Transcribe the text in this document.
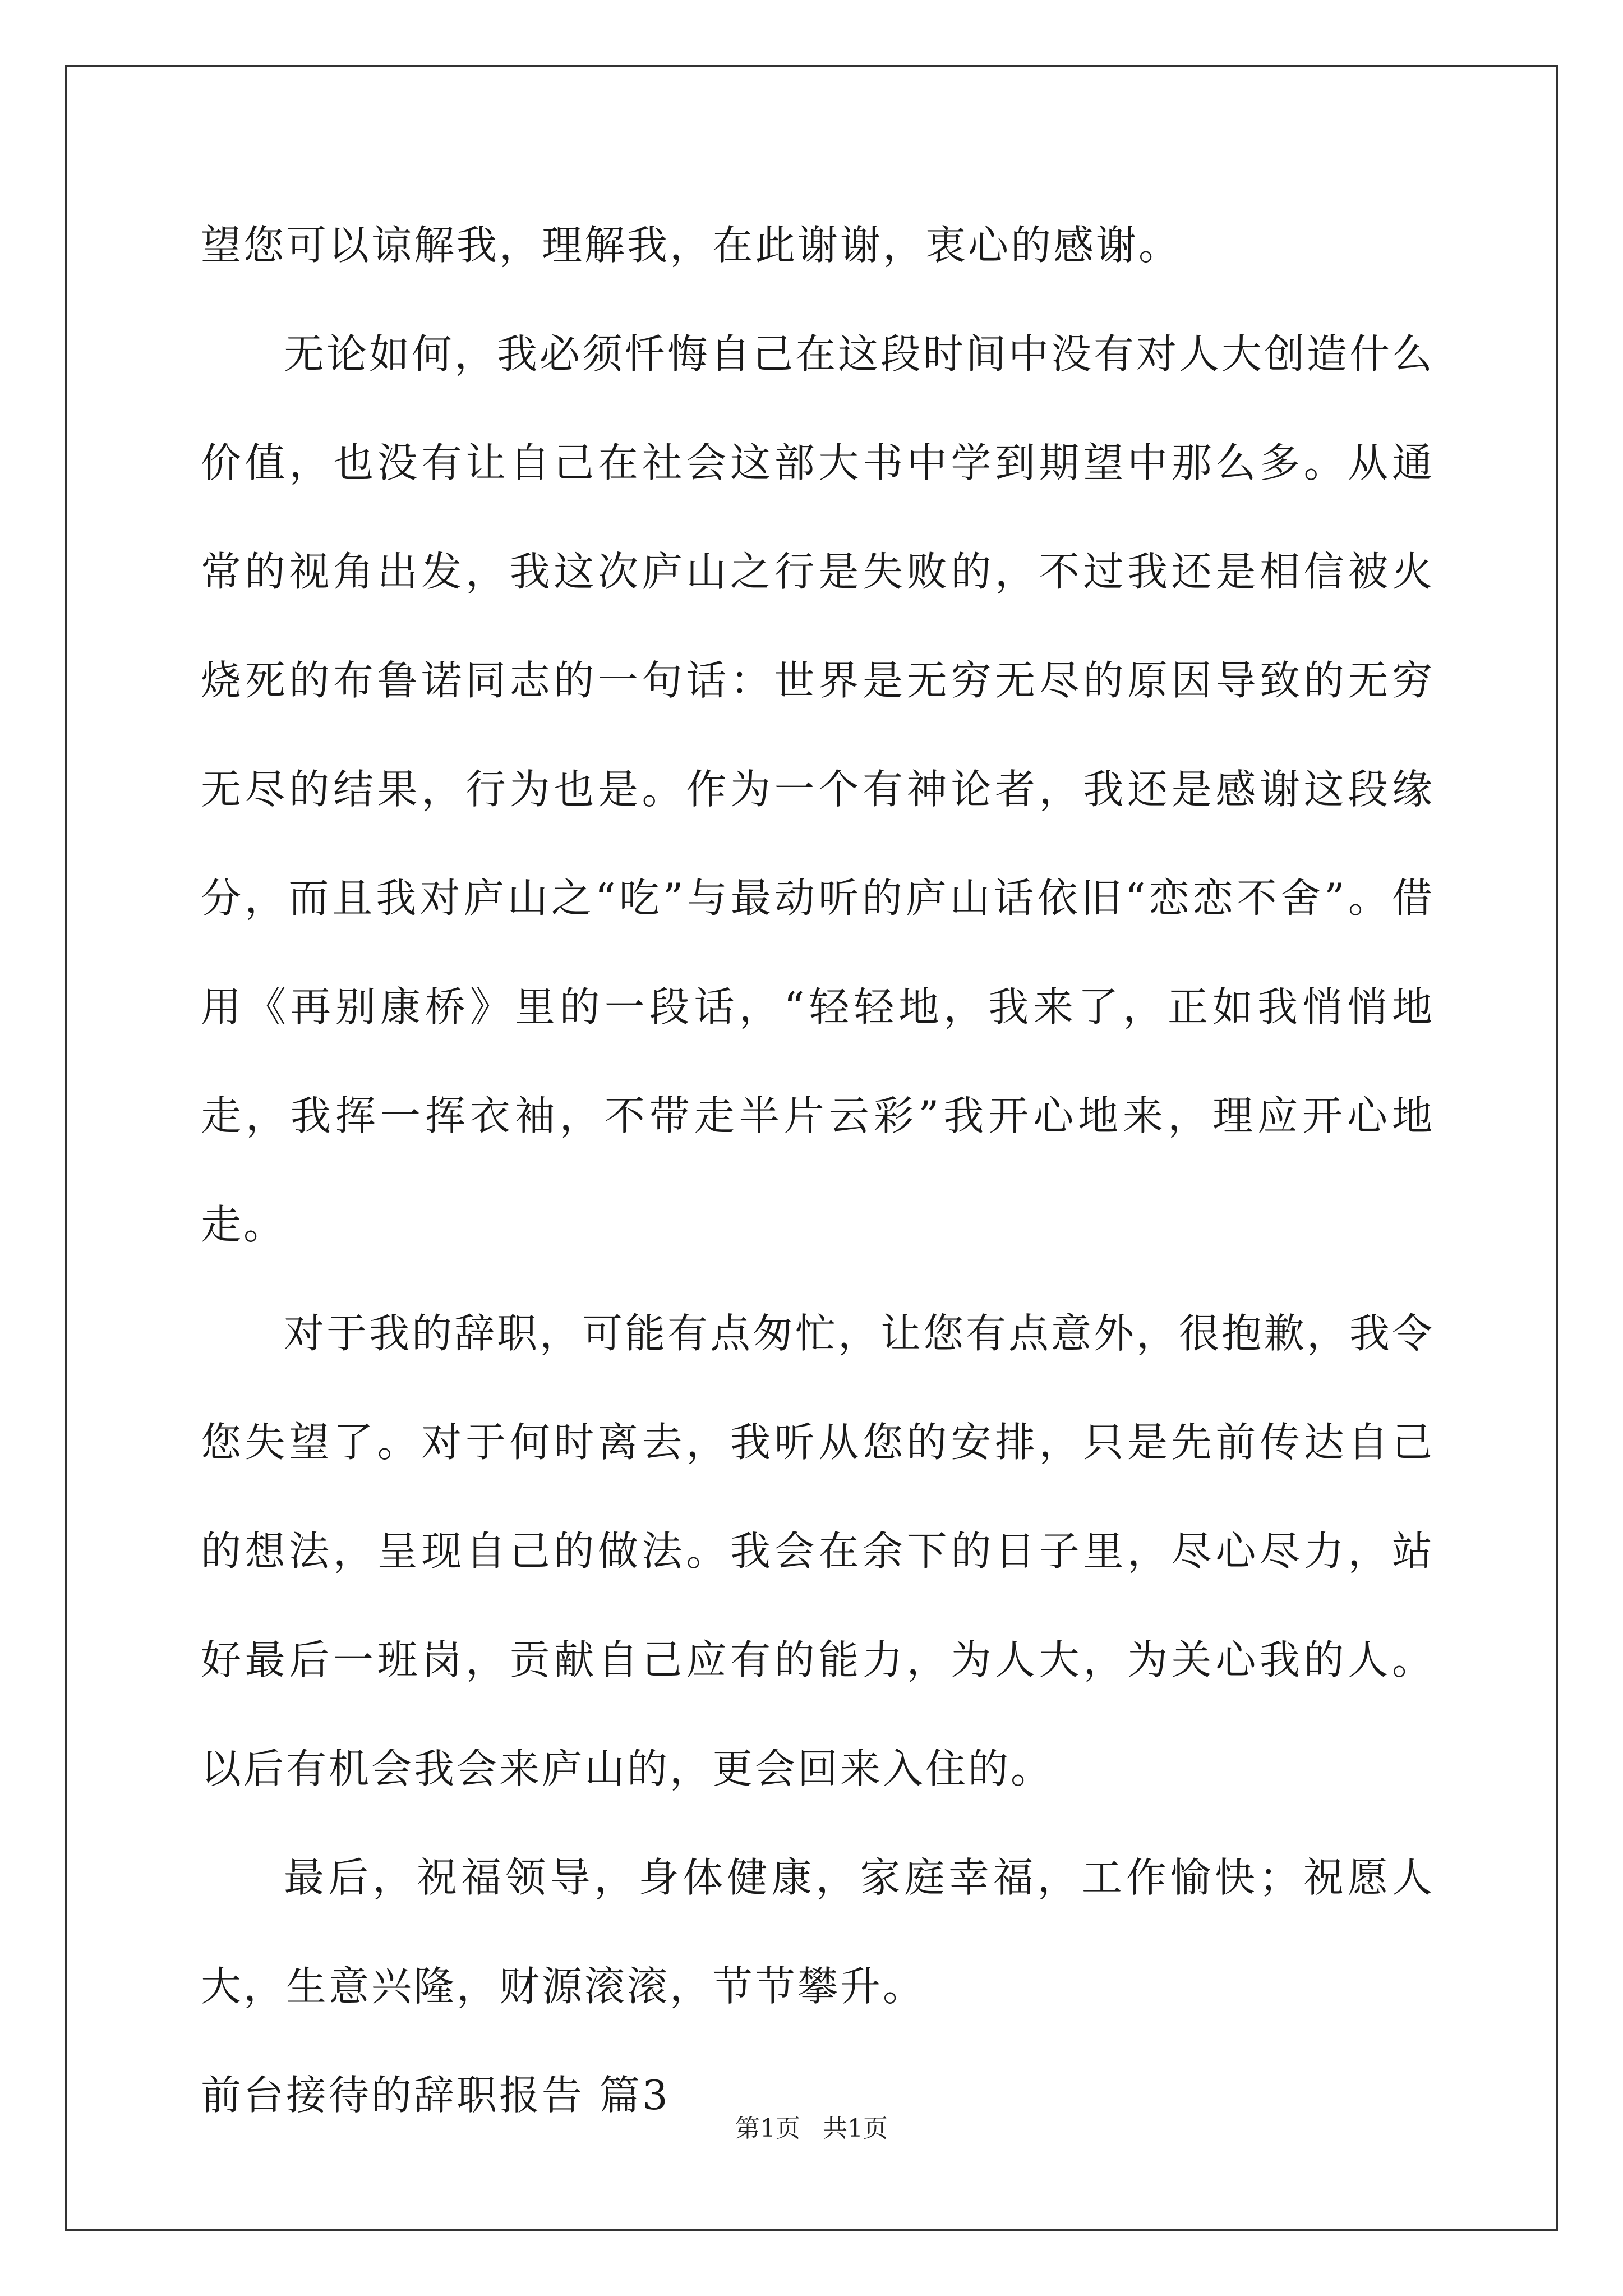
望您可以谅解我，理解我，在此谢谢，衷心的感谢。

无论如何，我必须忏悔自己在这段时间中没有对人大创造什么价值，也没有让自己在社会这部大书中学到期望中那么多。从通常的视角出发，我这次庐山之行是失败的，不过我还是相信被火烧死的布鲁诺同志的一句话：世界是无穷无尽的原因导致的无穷无尽的结果，行为也是。作为一个有神论者，我还是感谢这段缘分，而且我对庐山之“吃”与最动听的庐山话依旧“恋恋不舍”。借用《再别康桥》里的一段话，“轻轻地，我来了，正如我悄悄地走，我挥一挥衣袖，不带走半片云彩”我开心地来，理应开心地走。

对于我的辞职，可能有点匆忙，让您有点意外，很抱歉，我令您失望了。对于何时离去，我听从您的安排，只是先前传达自己的想法，呈现自己的做法。我会在余下的日子里，尽心尽力，站好最后一班岗，贡献自己应有的能力，为人大，为关心我的人。以后有机会我会来庐山的，更会回来入住的。

最后，祝福领导，身体健康，家庭幸福，工作愉快；祝愿人大，生意兴隆，财源滚滚，节节攀升。

前台接待的辞职报告 篇3

第1页 共1页
